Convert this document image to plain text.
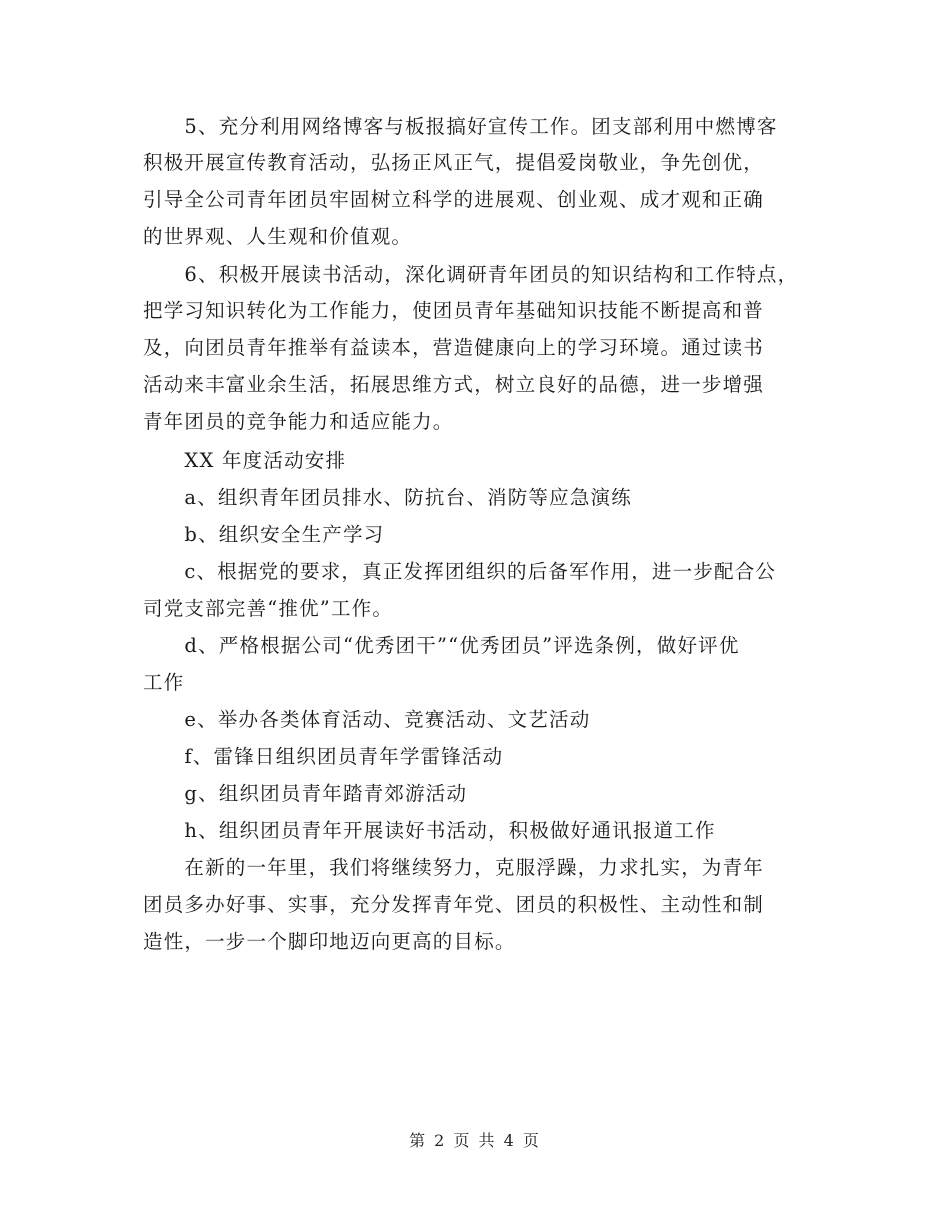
　　5、充分利用网络博客与板报搞好宣传工作。团支部利用中燃博客
积极开展宣传教育活动，弘扬正风正气，提倡爱岗敬业，争先创优，
引导全公司青年团员牢固树立科学的进展观、创业观、成才观和正确
的世界观、人生观和价值观。
　　6、积极开展读书活动，深化调研青年团员的知识结构和工作特点，
把学习知识转化为工作能力，使团员青年基础知识技能不断提高和普
及，向团员青年推举有益读本，营造健康向上的学习环境。通过读书
活动来丰富业余生活，拓展思维方式，树立良好的品德，进一步增强
青年团员的竞争能力和适应能力。
　　XX 年度活动安排
　　a、组织青年团员排水、防抗台、消防等应急演练
　　b、组织安全生产学习
　　c、根据党的要求，真正发挥团组织的后备军作用，进一步配合公
司党支部完善“推优”工作。
　　d、严格根据公司“优秀团干”“优秀团员”评选条例，做好评优
工作
　　e、举办各类体育活动、竞赛活动、文艺活动
　　f、雷锋日组织团员青年学雷锋活动
　　g、组织团员青年踏青郊游活动
　　h、组织团员青年开展读好书活动，积极做好通讯报道工作
　　在新的一年里，我们将继续努力，克服浮躁，力求扎实，为青年
团员多办好事、实事，充分发挥青年党、团员的积极性、主动性和制
造性，一步一个脚印地迈向更高的目标。
第 2 页 共 4 页
